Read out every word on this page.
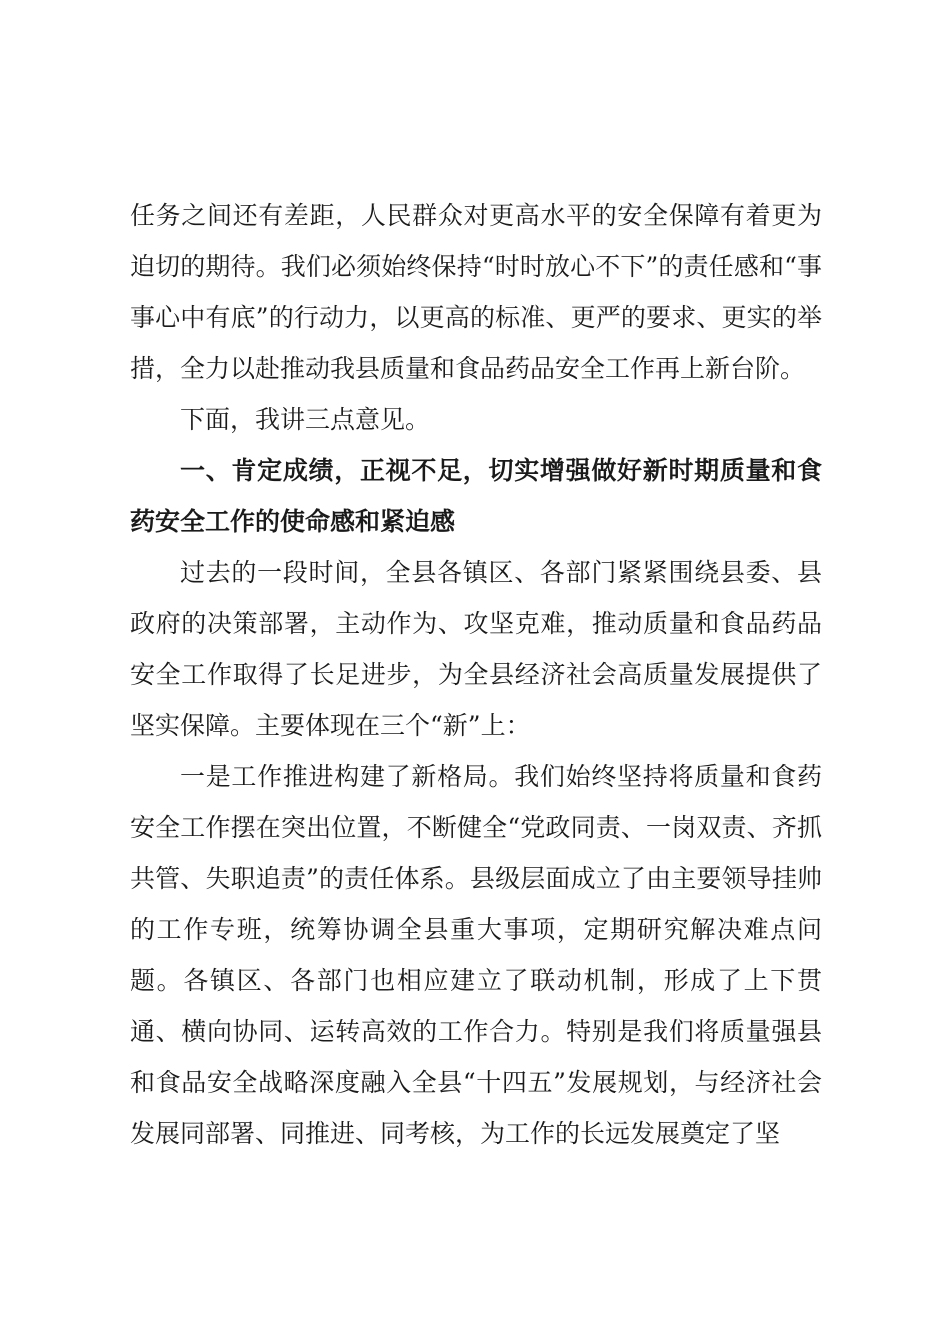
任务之间还有差距，人民群众对更高水平的安全保障有着更为迫切的期待。我们必须始终保持“时时放心不下”的责任感和“事事心中有底”的行动力，以更高的标准、更严的要求、更实的举措，全力以赴推动我县质量和食品药品安全工作再上新台阶。

下面，我讲三点意见。

一、肯定成绩，正视不足，切实增强做好新时期质量和食药安全工作的使命感和紧迫感

过去的一段时间，全县各镇区、各部门紧紧围绕县委、县政府的决策部署，主动作为、攻坚克难，推动质量和食品药品安全工作取得了长足进步，为全县经济社会高质量发展提供了坚实保障。主要体现在三个“新”上：

一是工作推进构建了新格局。我们始终坚持将质量和食药安全工作摆在突出位置，不断健全“党政同责、一岗双责、齐抓共管、失职追责”的责任体系。县级层面成立了由主要领导挂帅的工作专班，统筹协调全县重大事项，定期研究解决难点问题。各镇区、各部门也相应建立了联动机制，形成了上下贯通、横向协同、运转高效的工作合力。特别是我们将质量强县和食品安全战略深度融入全县“十四五”发展规划，与经济社会发展同部署、同推进、同考核，为工作的长远发展奠定了坚
